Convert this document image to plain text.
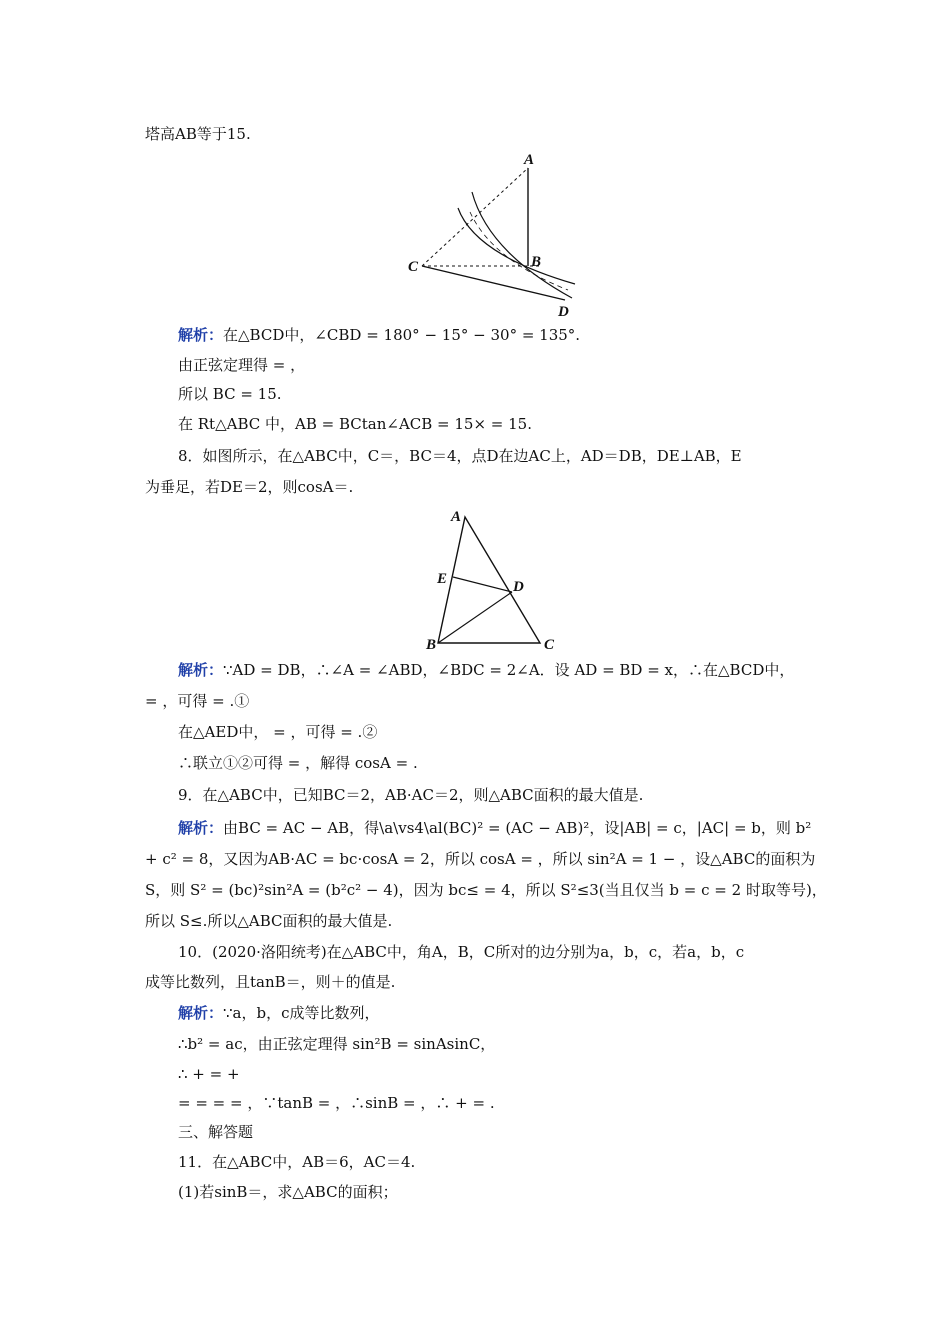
塔高AB等于15.
A
B
C
D
解析：在△BCD中，∠CBD = 180° − 15° − 30° = 135°.
由正弦定理得 = ，
所以 BC = 15.
在 Rt△ABC 中，AB = BCtan∠ACB = 15× = 15.
8．如图所示，在△ABC中，C＝，BC＝4，点D在边AC上，AD＝DB，DE⊥AB，E
为垂足，若DE＝2，则cosA＝.
A
E	D
B	C
解析：∵AD = DB，∴∠A = ∠ABD，∠BDC = 2∠A．设 AD = BD = x，∴在△BCD中，
= ，可得 = .①
在△AED中， = ，可得 = .②
∴联立①②可得 = ，解得 cosA = .
9．在△ABC中，已知BC＝2，AB·AC＝2，则△ABC面积的最大值是.
解析：由BC = AC − AB，得\a\vs4\al(BC)² = (AC − AB)²，设|AB| = c，|AC| = b，则 b²
+ c² = 8，又因为AB·AC = bc·cosA = 2，所以 cosA = ，所以 sin²A = 1 − ，设△ABC的面积为
S，则 S² = (bc)²sin²A = (b²c² − 4)，因为 bc≤ = 4，所以 S²≤3(当且仅当 b = c = 2 时取等号)，
所以 S≤.所以△ABC面积的最大值是.
10．(2020·洛阳统考)在△ABC中，角A，B，C所对的边分别为a，b，c，若a，b，c
成等比数列，且tanB＝，则＋的值是.
解析：∵a，b，c成等比数列，
∴b² = ac，由正弦定理得 sin²B = sinAsinC，
∴ + = +
= = = = ，∵tanB = ，∴sinB = ，∴ + = .
三、解答题
11．在△ABC中，AB＝6，AC＝4.
(1)若sinB＝，求△ABC的面积；
